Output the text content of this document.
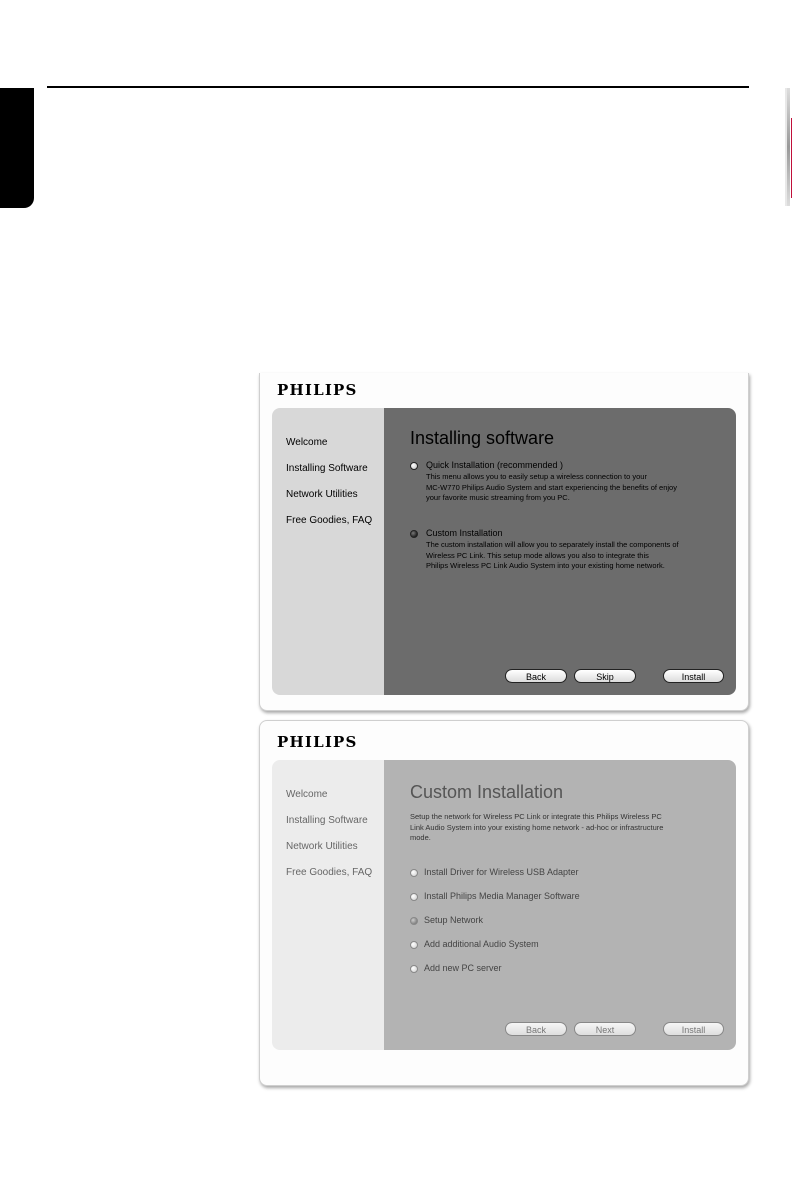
PHILIPS
Welcome
Installing Software
Network Utilities
Free Goodies, FAQ
Installing software
Quick Installation (recommended )
This menu allows you to easily setup a wireless connection to your
MC-W770 Philips Audio System and start experiencing the benefits of enjoy
your favorite music streaming from you PC.
Custom Installation
The custom installation will allow you to separately install the components of
Wireless PC Link. This setup mode allows you also to integrate this
Philips Wireless PC Link Audio System into your existing home network.
Back	Skip	Install
PHILIPS
Welcome
Installing Software
Network Utilities
Free Goodies, FAQ
Custom Installation
Setup the network for Wireless PC Link or integrate this Philips Wireless PC
Link Audio System into your existing home network - ad-hoc or infrastructure
mode.
Install Driver for Wireless USB Adapter
Install Philips Media Manager Software
Setup Network
Add additional Audio System
Add new PC server
Back	Next	Install
